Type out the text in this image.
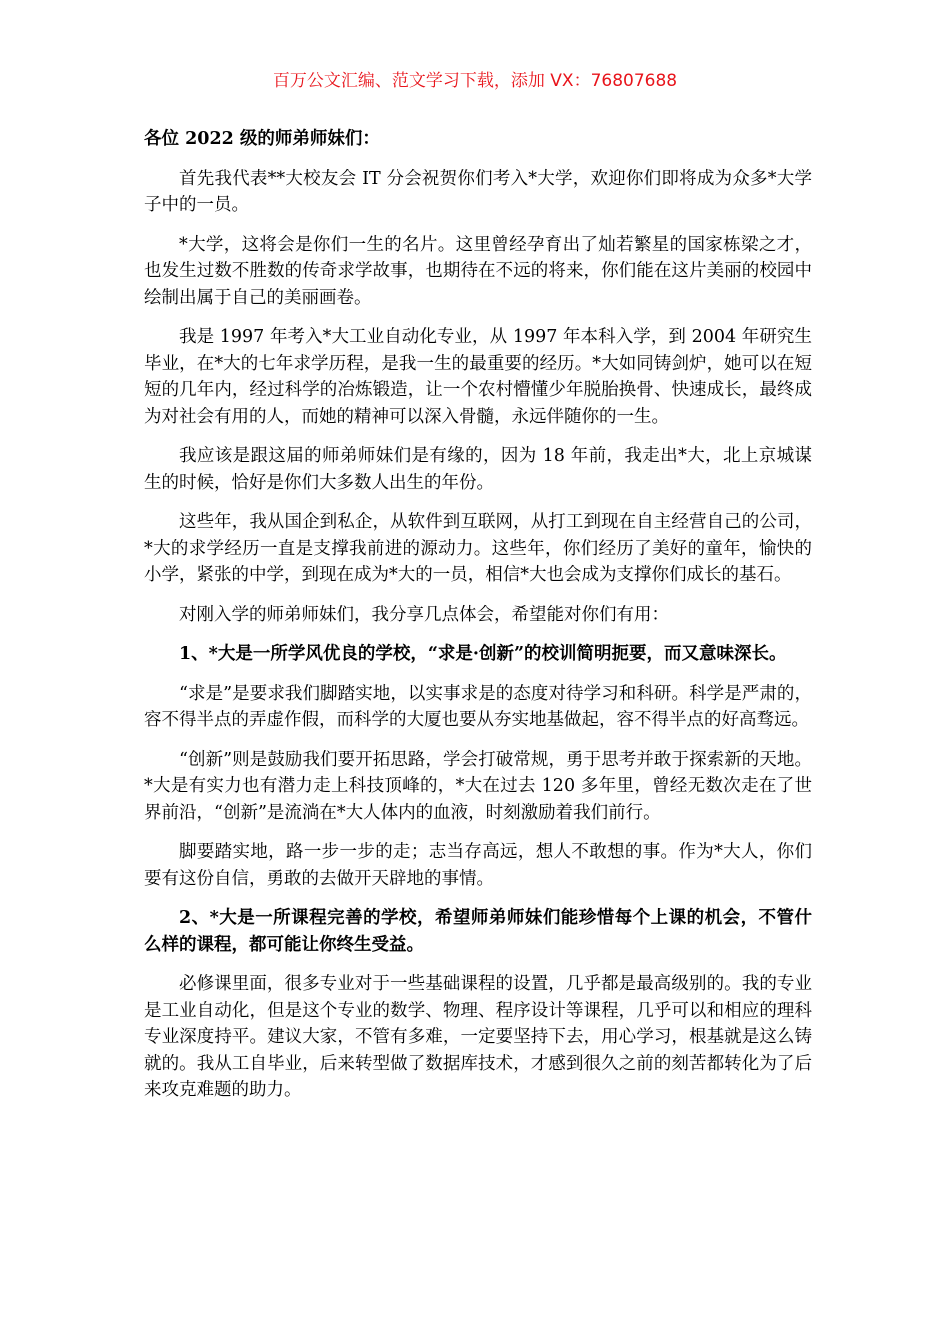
百万公文汇编、范文学习下载，添加 VX：76807688
各位 2022 级的师弟师妹们：
首先我代表**大校友会 IT 分会祝贺你们考入*大学，欢迎你们即将成为众多*大学子中的一员。
*大学，这将会是你们一生的名片。这里曾经孕育出了灿若繁星的国家栋梁之才，也发生过数不胜数的传奇求学故事，也期待在不远的将来，你们能在这片美丽的校园中绘制出属于自己的美丽画卷。
我是 1997 年考入*大工业自动化专业，从 1997 年本科入学，到 2004 年研究生毕业，在*大的七年求学历程，是我一生的最重要的经历。*大如同铸剑炉，她可以在短短的几年内，经过科学的冶炼锻造，让一个农村懵懂少年脱胎换骨、快速成长，最终成为对社会有用的人，而她的精神可以深入骨髓，永远伴随你的一生。
我应该是跟这届的师弟师妹们是有缘的，因为 18 年前，我走出*大，北上京城谋生的时候，恰好是你们大多数人出生的年份。
这些年，我从国企到私企，从软件到互联网，从打工到现在自主经营自己的公司，*大的求学经历一直是支撑我前进的源动力。这些年，你们经历了美好的童年，愉快的小学，紧张的中学，到现在成为*大的一员，相信*大也会成为支撑你们成长的基石。
对刚入学的师弟师妹们，我分享几点体会，希望能对你们有用：
1、*大是一所学风优良的学校，“求是·创新”的校训简明扼要，而又意味深长。
“求是”是要求我们脚踏实地，以实事求是的态度对待学习和科研。科学是严肃的，容不得半点的弄虚作假，而科学的大厦也要从夯实地基做起，容不得半点的好高骛远。
“创新”则是鼓励我们要开拓思路，学会打破常规，勇于思考并敢于探索新的天地。*大是有实力也有潜力走上科技顶峰的，*大在过去 120 多年里，曾经无数次走在了世界前沿，“创新”是流淌在*大人体内的血液，时刻激励着我们前行。
脚要踏实地，路一步一步的走；志当存高远，想人不敢想的事。作为*大人，你们要有这份自信，勇敢的去做开天辟地的事情。
2、*大是一所课程完善的学校，希望师弟师妹们能珍惜每个上课的机会，不管什么样的课程，都可能让你终生受益。
必修课里面，很多专业对于一些基础课程的设置，几乎都是最高级别的。我的专业是工业自动化，但是这个专业的数学、物理、程序设计等课程，几乎可以和相应的理科专业深度持平。建议大家，不管有多难，一定要坚持下去，用心学习，根基就是这么铸就的。我从工自毕业，后来转型做了数据库技术，才感到很久之前的刻苦都转化为了后来攻克难题的助力。
